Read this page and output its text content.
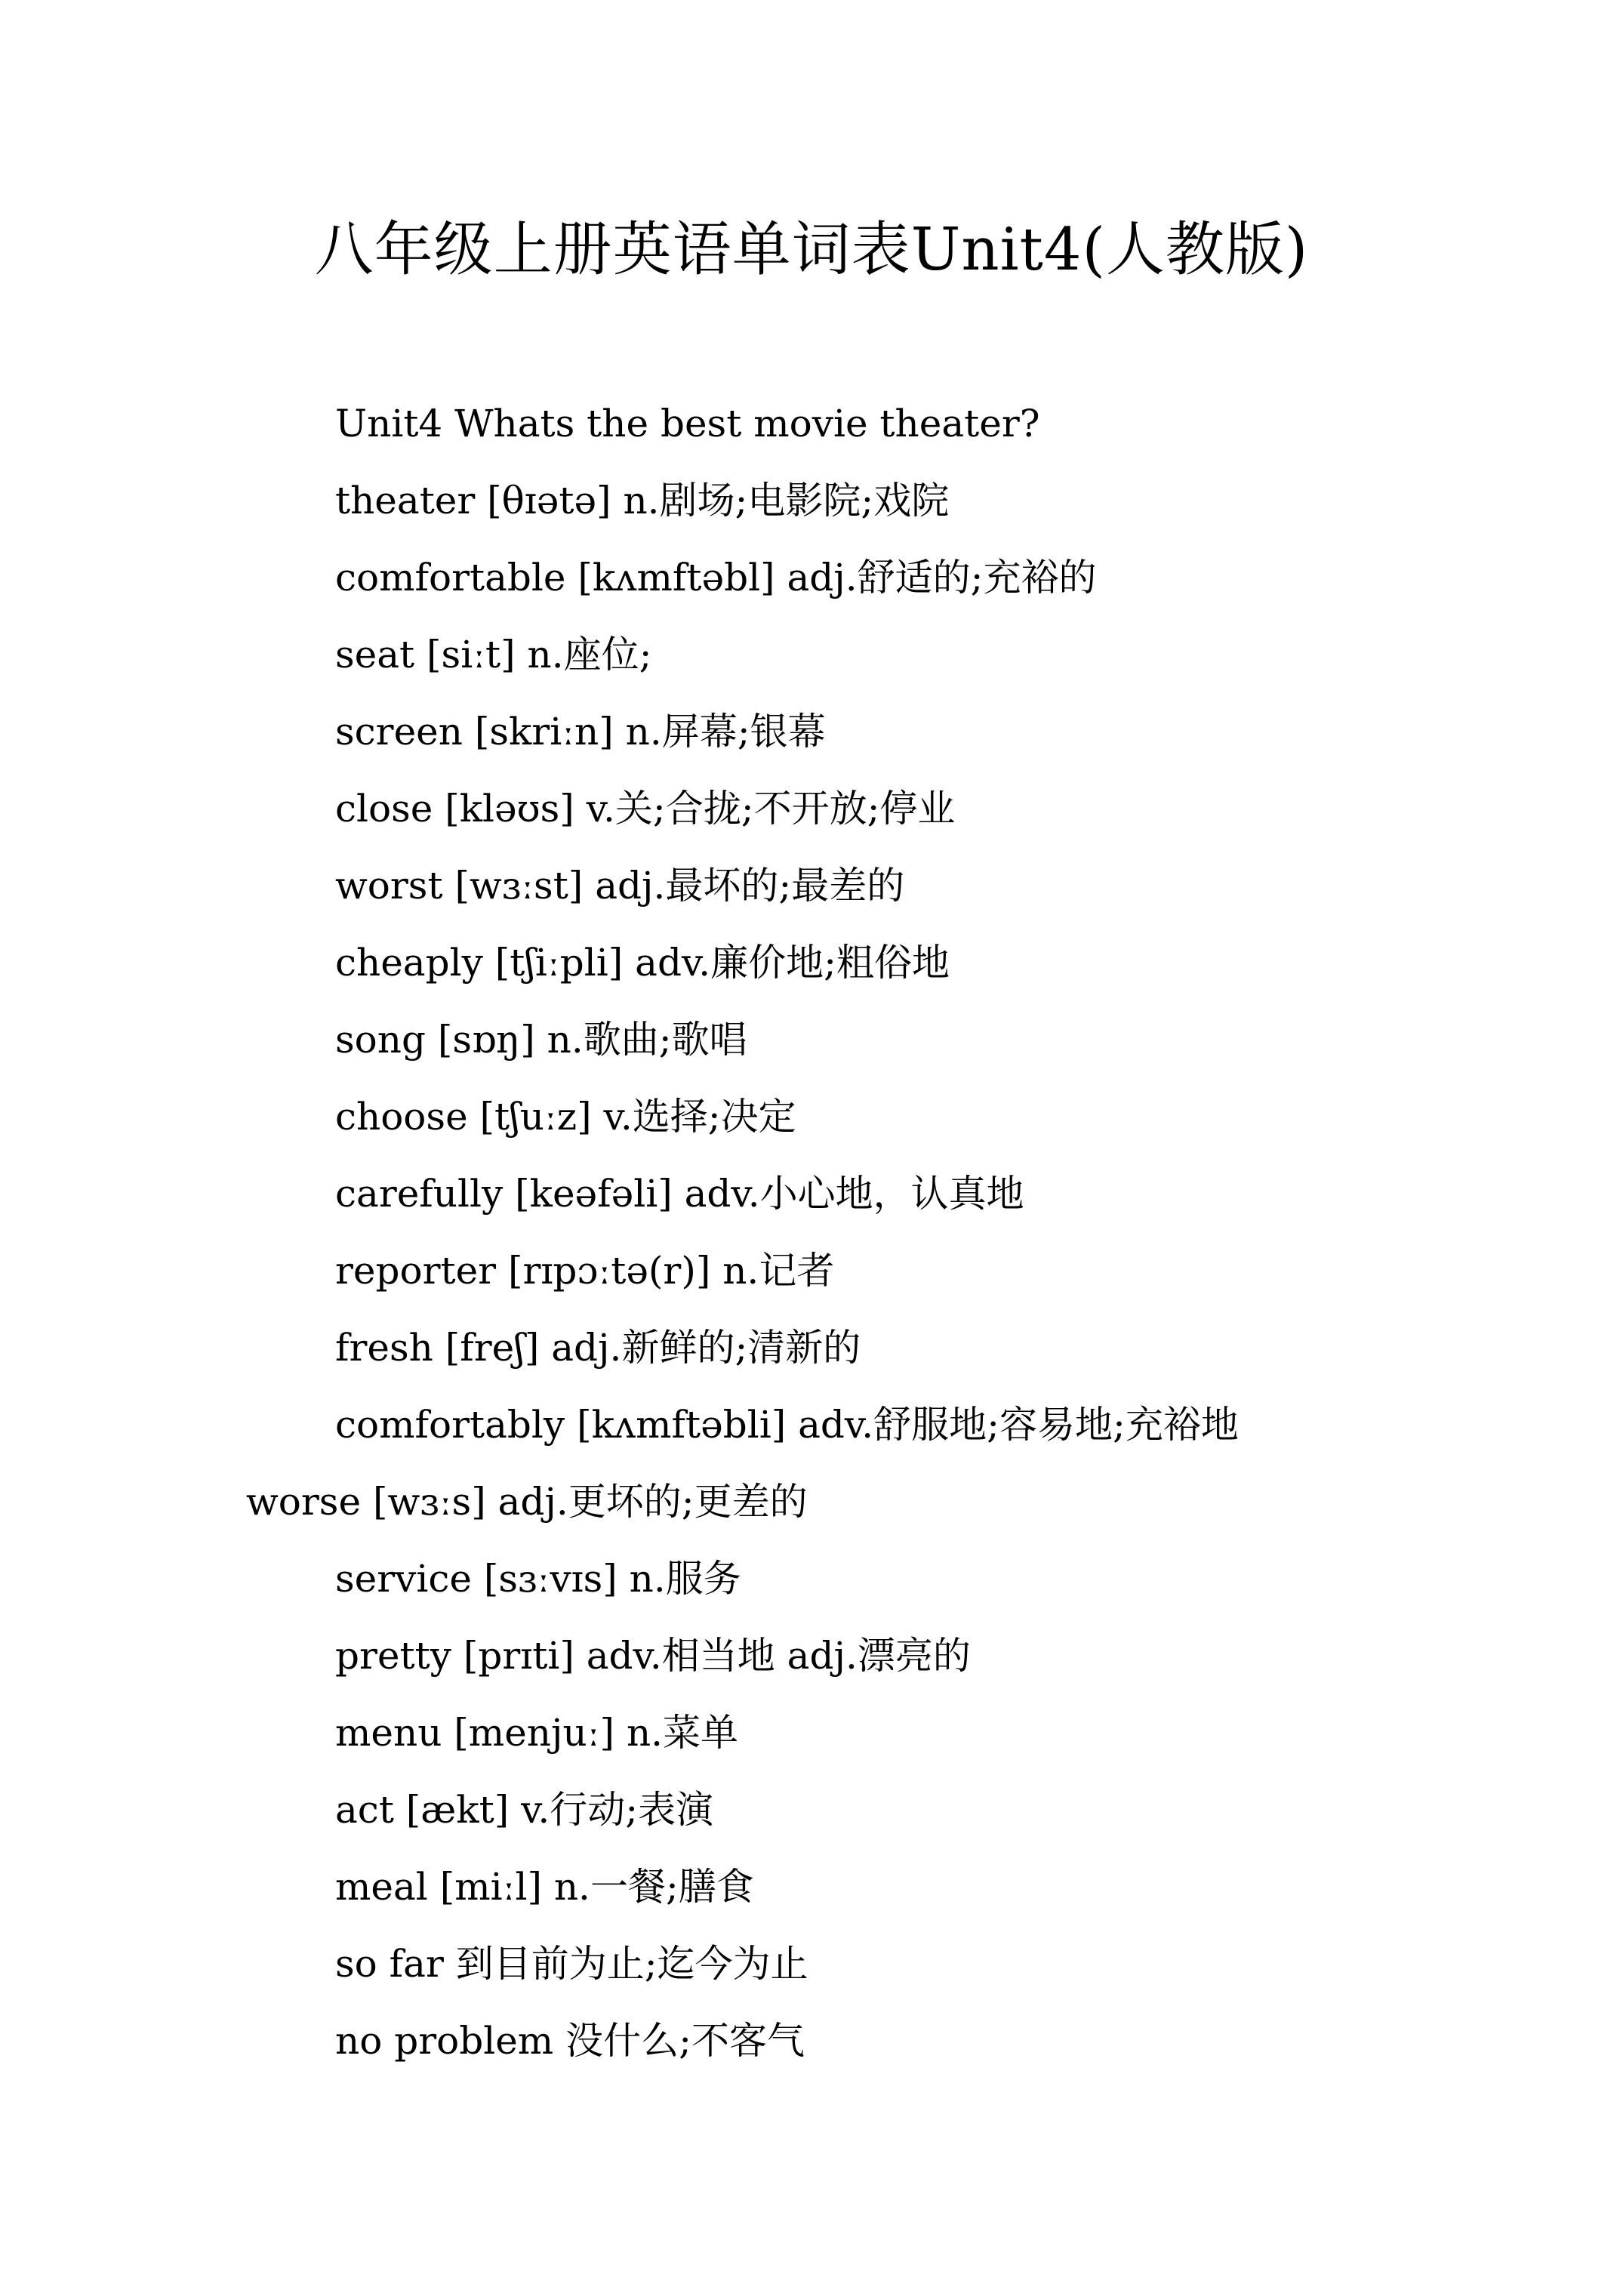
八年级上册英语单词表Unit4(人教版)
Unit4 Whats the best movie theater?
theater [θɪətə] n.剧场;电影院;戏院
comfortable [kʌmftəbl] adj.舒适的;充裕的
seat [siːt] n.座位;
screen [skriːn] n.屏幕;银幕
close [kləʊs] v.关;合拢;不开放;停业
worst [wɜːst] adj.最坏的;最差的
cheaply [tʃiːpli] adv.廉价地;粗俗地
song [sɒŋ] n.歌曲;歌唱
choose [tʃuːz] v.选择;决定
carefully [keəfəli] adv.小心地，认真地
reporter [rɪpɔːtə(r)] n.记者
fresh [freʃ] adj.新鲜的;清新的
comfortably [kʌmftəbli] adv.舒服地;容易地;充裕地
worse [wɜːs] adj.更坏的;更差的
service [sɜːvɪs] n.服务
pretty [prɪti] adv.相当地 adj.漂亮的
menu [menjuː] n.菜单
act [ækt] v.行动;表演
meal [miːl] n.一餐;膳食
so far 到目前为止;迄今为止
no problem 没什么;不客气
